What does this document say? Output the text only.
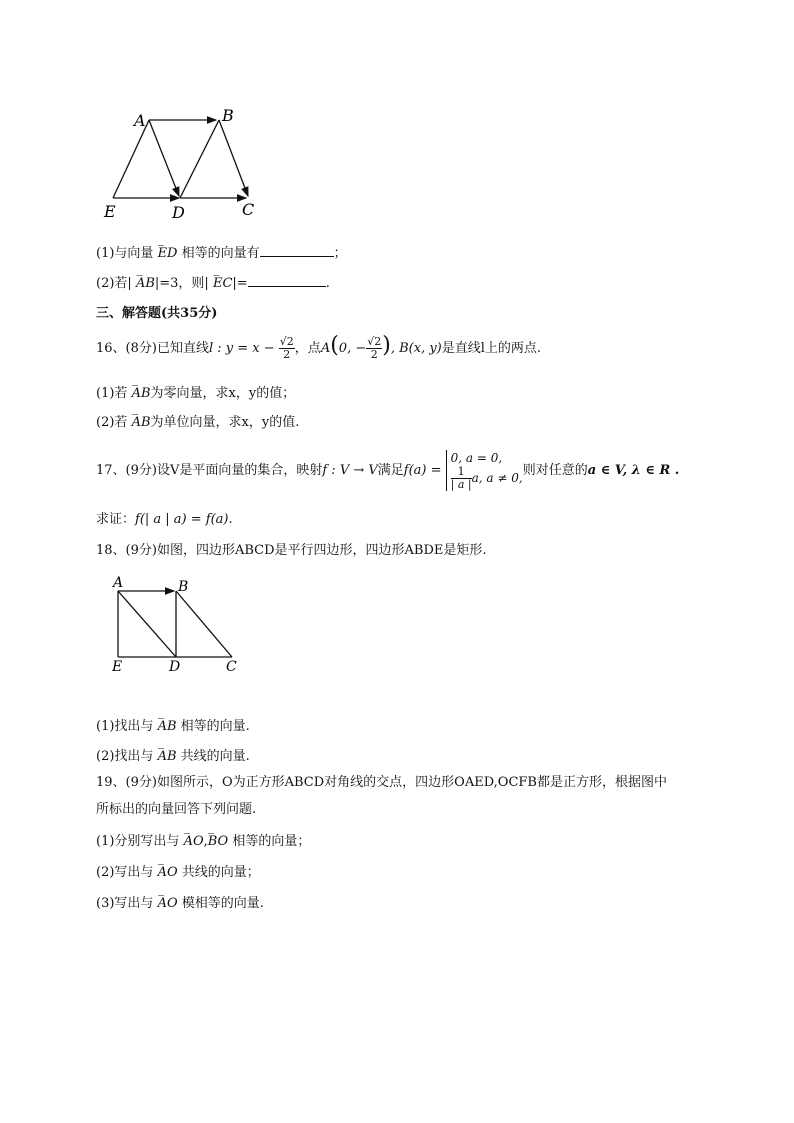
A	B
E	D	C
(1)与向量 ⌣⌣ ED 相等的向量有	；
(2)若| ⌣⌣ AB|=3，则| ⌣⌣ EC|=	.
三、解答题(共35分)
16、(8分)已知直线l : $y = x - \frac{√2}{2}$ ，点A(0, − $\frac{√2}{2}$ ), B(x, y)是直线l上的两点.
(1)若 ⌣⌣ AB为零向量，求x，y的值；
(2)若 ⌣⌣ AB为单位向量，求x，y的值.
17、(9分)设V是平面向量的集合，映射f : V → V满足f(a) =
0, a = 0,
$\frac{1}{| a |} a$, a ≠ 0, 则对任意的a ∈ V, λ ∈ R .
求证：f(| a | a) = f(a).
18、(9分)如图，四边形ABCD是平行四边形，四边形ABDE是矩形.
A	B
E	D	C
(1)找出与 ⌣⌣ AB 相等的向量.
(2)找出与 ⌣⌣ AB 共线的向量.
19、(9分)如图所示，O为正方形ABCD对角线的交点，四边形OAED,OCFB都是正方形，根据图中
所标出的向量回答下列问题.
(1)分别写出与 ⌣⌣ AO,⌣⌣ BO 相等的向量；
(2)写出与 ⌣⌣ AO 共线的向量；
(3)写出与 ⌣⌣ AO 模相等的向量.
